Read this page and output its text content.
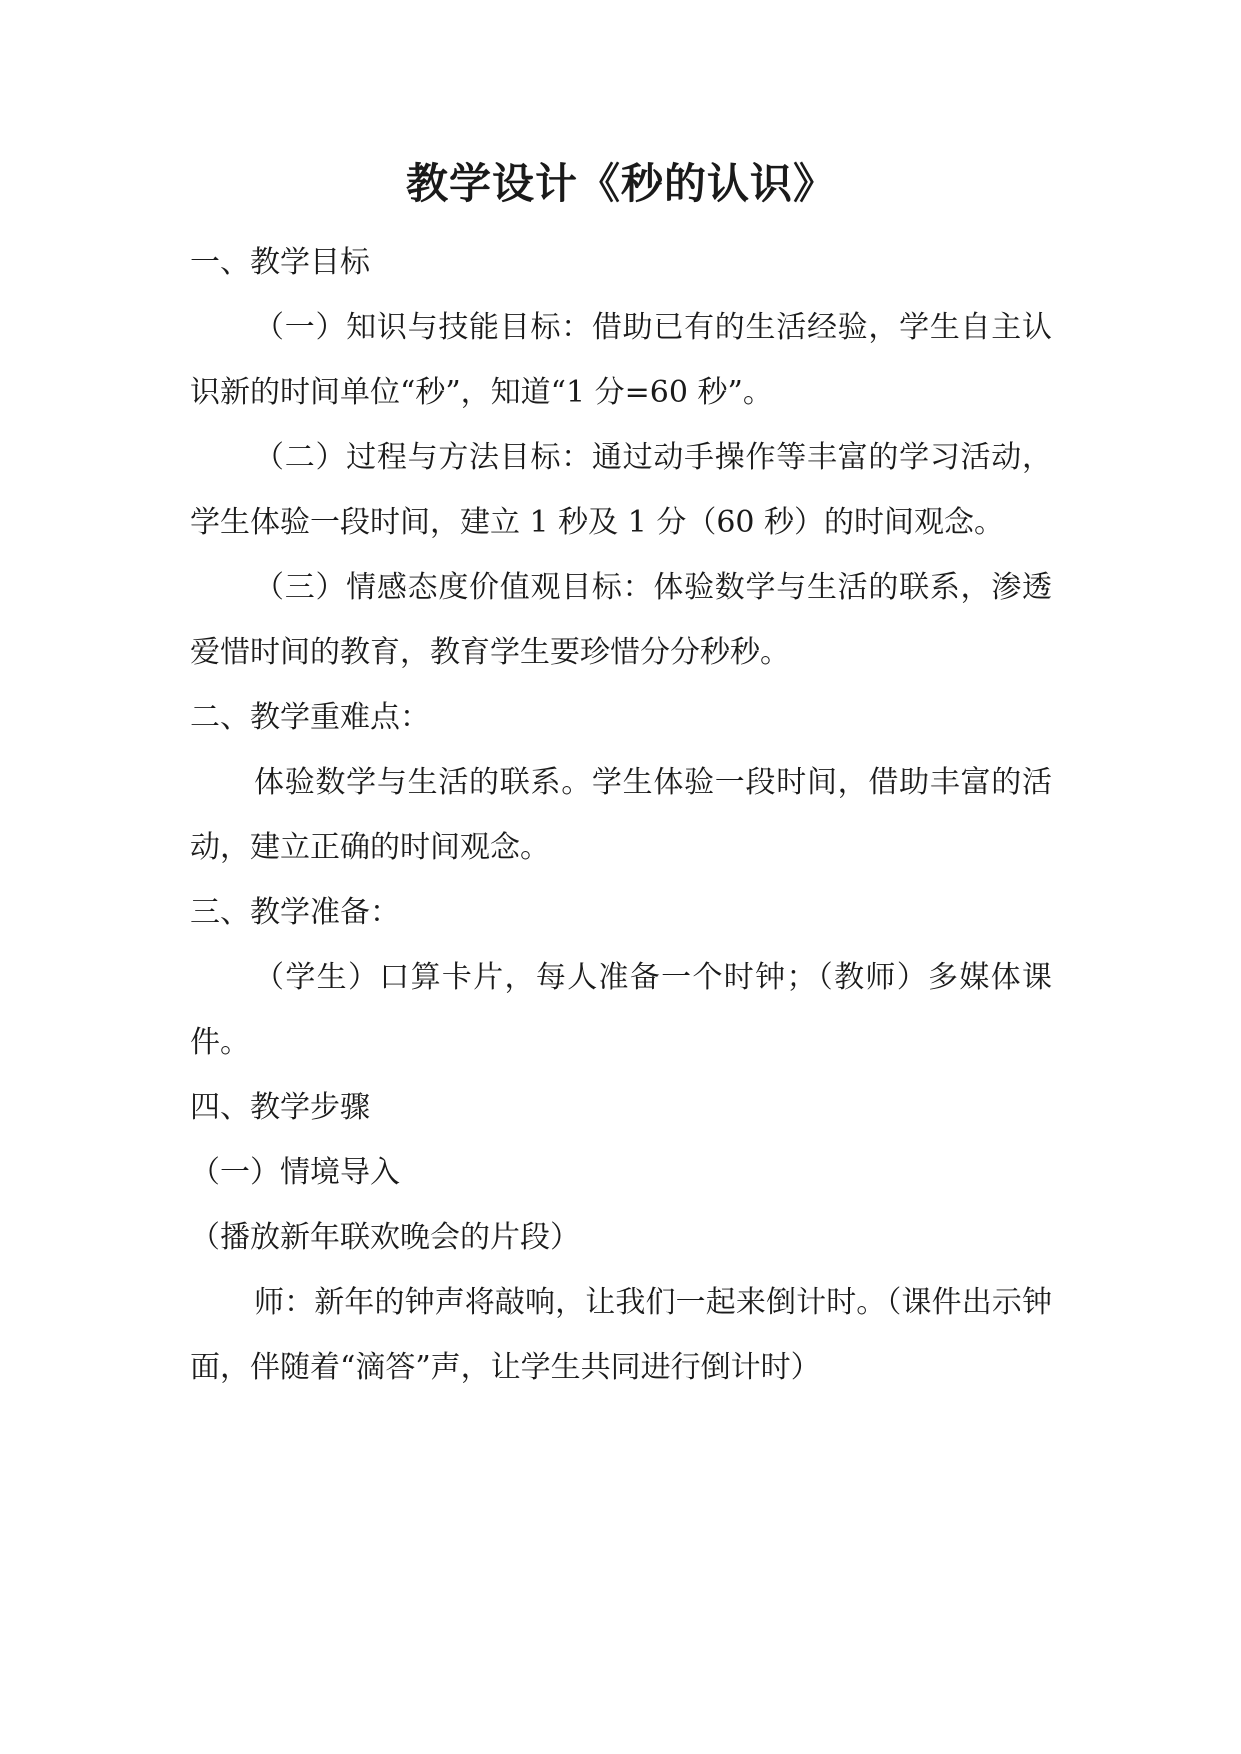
教学设计《秒的认识》

一、教学目标

（一）知识与技能目标：借助已有的生活经验，学生自主认识新的时间单位“秒”，知道“1 分=60 秒”。

（二）过程与方法目标：通过动手操作等丰富的学习活动，学生体验一段时间，建立 1 秒及 1 分（60 秒）的时间观念。

（三）情感态度价值观目标：体验数学与生活的联系，渗透爱惜时间的教育，教育学生要珍惜分分秒秒。

二、教学重难点：

体验数学与生活的联系。学生体验一段时间，借助丰富的活动，建立正确的时间观念。

三、教学准备：

（学生）口算卡片，每人准备一个时钟；（教师）多媒体课件。

四、教学步骤

（一）情境导入

（播放新年联欢晚会的片段）

师：新年的钟声将敲响，让我们一起来倒计时。（课件出示钟面，伴随着“滴答”声，让学生共同进行倒计时）
